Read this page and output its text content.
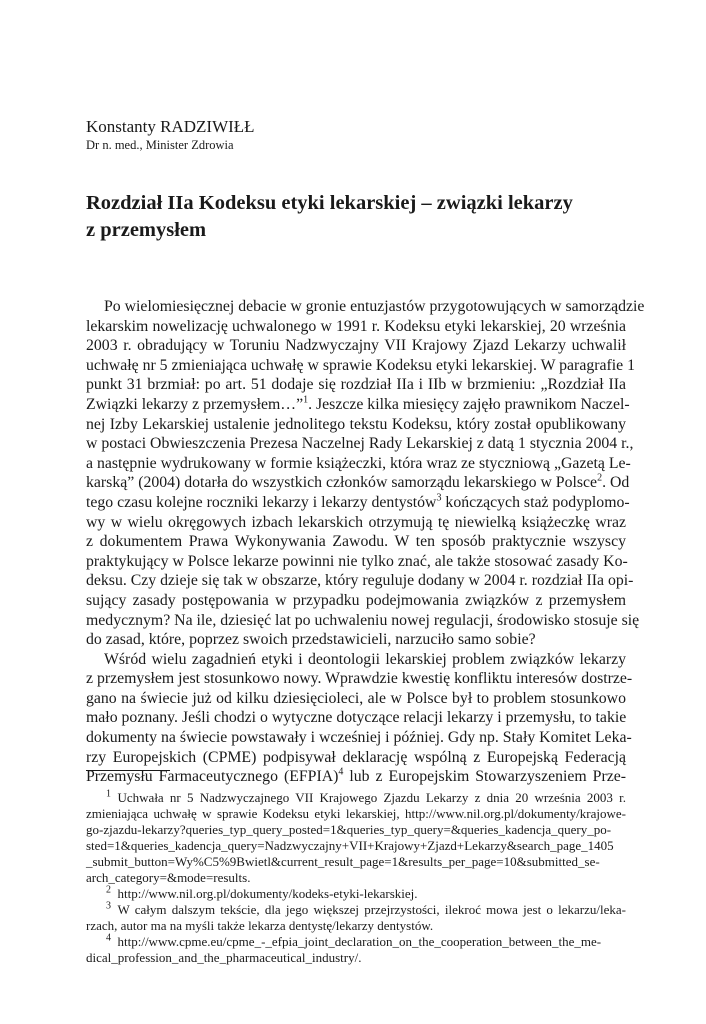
Konstanty RADZIWIŁŁ
Dr n. med., Minister Zdrowia
Rozdział IIa Kodeksu etyki lekarskiej – związki lekarzy
z przemysłem
Po wielomiesięcznej debacie w gronie entuzjastów przygotowujących w samorządzie
lekarskim nowelizację uchwalonego w 1991 r. Kodeksu etyki lekarskiej, 20 września
2003 r. obradujący w Toruniu Nadzwyczajny VII Krajowy Zjazd Lekarzy uchwalił
uchwałę nr 5 zmieniająca uchwałę w sprawie Kodeksu etyki lekarskiej. W paragrafie 1
punkt 31 brzmiał: po art. 51 dodaje się rozdział IIa i IIb w brzmieniu: „Rozdział IIa
Związki lekarzy z przemysłem…”$^1$. Jeszcze kilka miesięcy zajęło prawnikom Naczel-
nej Izby Lekarskiej ustalenie jednolitego tekstu Kodeksu, który został opublikowany
w postaci Obwieszczenia Prezesa Naczelnej Rady Lekarskiej z datą 1 stycznia 2004 r.,
a następnie wydrukowany w formie książeczki, która wraz ze styczniową „Gazetą Le-
karską” (2004) dotarła do wszystkich członków samorządu lekarskiego w Polsce$^2$. Od
tego czasu kolejne roczniki lekarzy i lekarzy dentystów$^3$ kończących staż podyplomo-
wy w wielu okręgowych izbach lekarskich otrzymują tę niewielką książeczkę wraz
z dokumentem Prawa Wykonywania Zawodu. W ten sposób praktycznie wszyscy
praktykujący w Polsce lekarze powinni nie tylko znać, ale także stosować zasady Ko-
deksu. Czy dzieje się tak w obszarze, który reguluje dodany w 2004 r. rozdział IIa opi-
sujący zasady postępowania w przypadku podejmowania związków z przemysłem
medycznym? Na ile, dziesięć lat po uchwaleniu nowej regulacji, środowisko stosuje się
do zasad, które, poprzez swoich przedstawicieli, narzuciło samo sobie?
Wśród wielu zagadnień etyki i deontologii lekarskiej problem związków lekarzy
z przemysłem jest stosunkowo nowy. Wprawdzie kwestię konfliktu interesów dostrze-
gano na świecie już od kilku dziesięcioleci, ale w Polsce był to problem stosunkowo
mało poznany. Jeśli chodzi o wytyczne dotyczące relacji lekarzy i przemysłu, to takie
dokumenty na świecie powstawały i wcześniej i później. Gdy np. Stały Komitet Leka-
rzy Europejskich (CPME) podpisywał deklarację wspólną z Europejską Federacją
Przemysłu Farmaceutycznego (EFPIA)$^4$ lub z Europejskim Stowarzyszeniem Prze-
$^1$  Uchwała nr 5 Nadzwyczajnego VII Krajowego Zjazdu Lekarzy z dnia 20 września 2003 r.
zmieniająca uchwałę w sprawie Kodeksu etyki lekarskiej, http://www.nil.org.pl/dokumenty/krajowe-
go-zjazdu-lekarzy?queries_typ_query_posted=1&queries_typ_query=&queries_kadencja_query_po-
sted=1&queries_kadencja_query=Nadzwyczajny+VII+Krajowy+Zjazd+Lekarzy&search_page_1405
_submit_button=Wy%C5%9Bwietl&current_result_page=1&results_per_page=10&submitted_se-
arch_category=&mode=results.
$^2$  http://www.nil.org.pl/dokumenty/kodeks-etyki-lekarskiej.
$^3$  W całym dalszym tekście, dla jego większej przejrzystości, ilekroć mowa jest o lekarzu/leka-
rzach, autor ma na myśli także lekarza dentystę/lekarzy dentystów.
$^4$  http://www.cpme.eu/cpme_-_efpia_joint_declaration_on_the_cooperation_between_the_me-
dical_profession_and_the_pharmaceutical_industry/.
